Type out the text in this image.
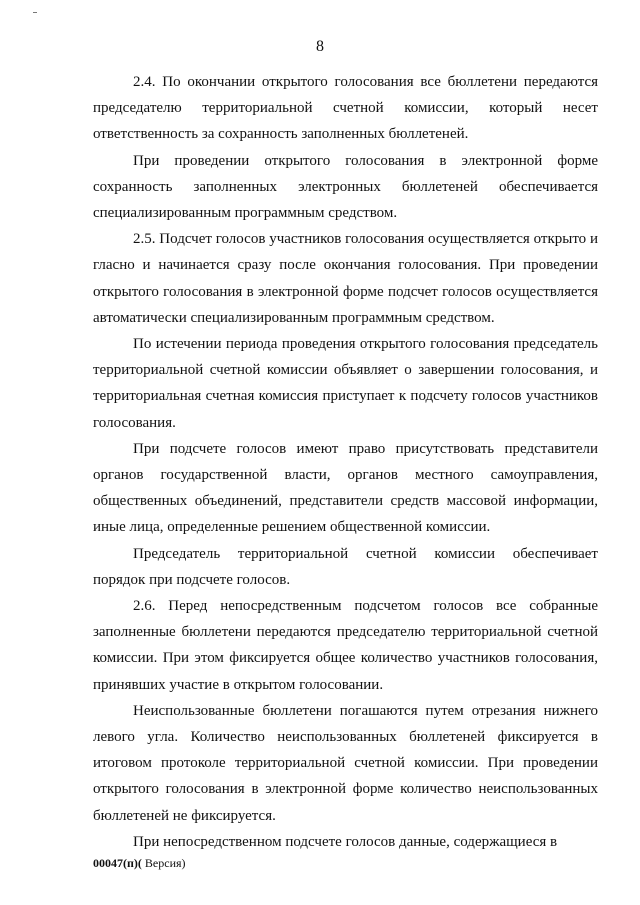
8

2.4. По окончании открытого голосования все бюллетени передаются председателю территориальной счетной комиссии, который несет ответственность за сохранность заполненных бюллетеней.

При проведении открытого голосования в электронной форме сохранность заполненных электронных бюллетеней обеспечивается специализированным программным средством.

2.5. Подсчет голосов участников голосования осуществляется открыто и гласно и начинается сразу после окончания голосования. При проведении открытого голосования в электронной форме подсчет голосов осуществляется автоматически специализированным программным средством.

По истечении периода проведения открытого голосования председатель территориальной счетной комиссии объявляет о завершении голосования, и территориальная счетная комиссия приступает к подсчету голосов участников голосования.

При подсчете голосов имеют право присутствовать представители органов государственной власти, органов местного самоуправления, общественных объединений, представители средств массовой информации, иные лица, определенные решением общественной комиссии.

Председатель территориальной счетной комиссии обеспечивает порядок при подсчете голосов.

2.6. Перед непосредственным подсчетом голосов все собранные заполненные бюллетени передаются председателю территориальной счетной комиссии. При этом фиксируется общее количество участников голосования, принявших участие в открытом голосовании.

Неиспользованные бюллетени погашаются путем отрезания нижнего левого угла. Количество неиспользованных бюллетеней фиксируется в итоговом протоколе территориальной счетной комиссии. При проведении открытого голосования в электронной форме количество неиспользованных бюллетеней не фиксируется.

При непосредственном подсчете голосов данные, содержащиеся в

00047(п)( Версия)
